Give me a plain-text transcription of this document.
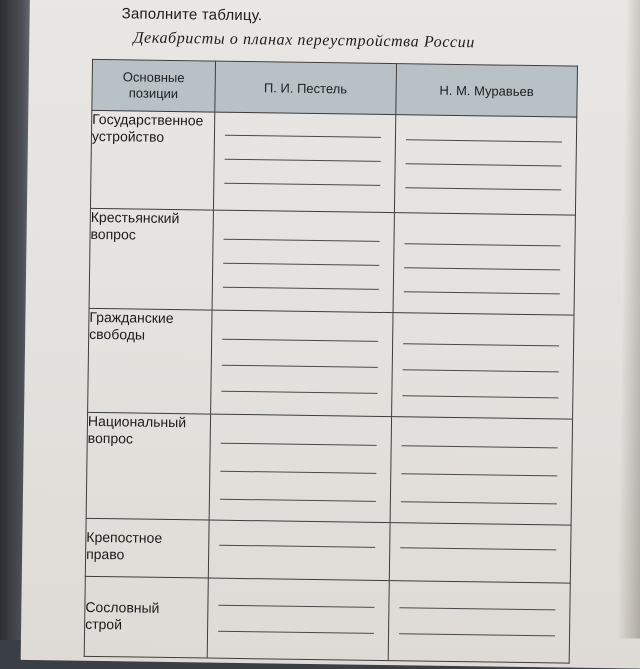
Заполните таблицу.
Декабристы о планах переустройства России
Основные
позиции	П. И. Пестель	Н. М. Муравьев

Государственное
устройство		

Крестьянский
вопрос		

Гражданские
свободы		

Национальный
вопрос		

Крепостное
право		

Сословный
строй		
